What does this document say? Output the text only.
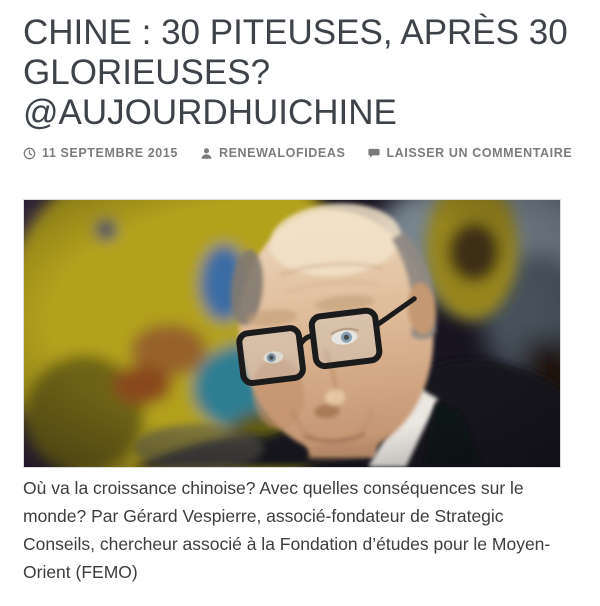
CHINE : 30 PITEUSES, APRÈS 30
GLORIEUSES?
@AUJOURDHUICHINE
11 SEPTEMBRE 2015	RENEWALOFIDEAS	LAISSER UN COMMENTAIRE

Où va la croissance chinoise? Avec quelles conséquences sur le monde? Par Gérard Vespierre, associé-fondateur de Strategic Conseils, chercheur associé à la Fondation d’études pour le Moyen-Orient (FEMO)
